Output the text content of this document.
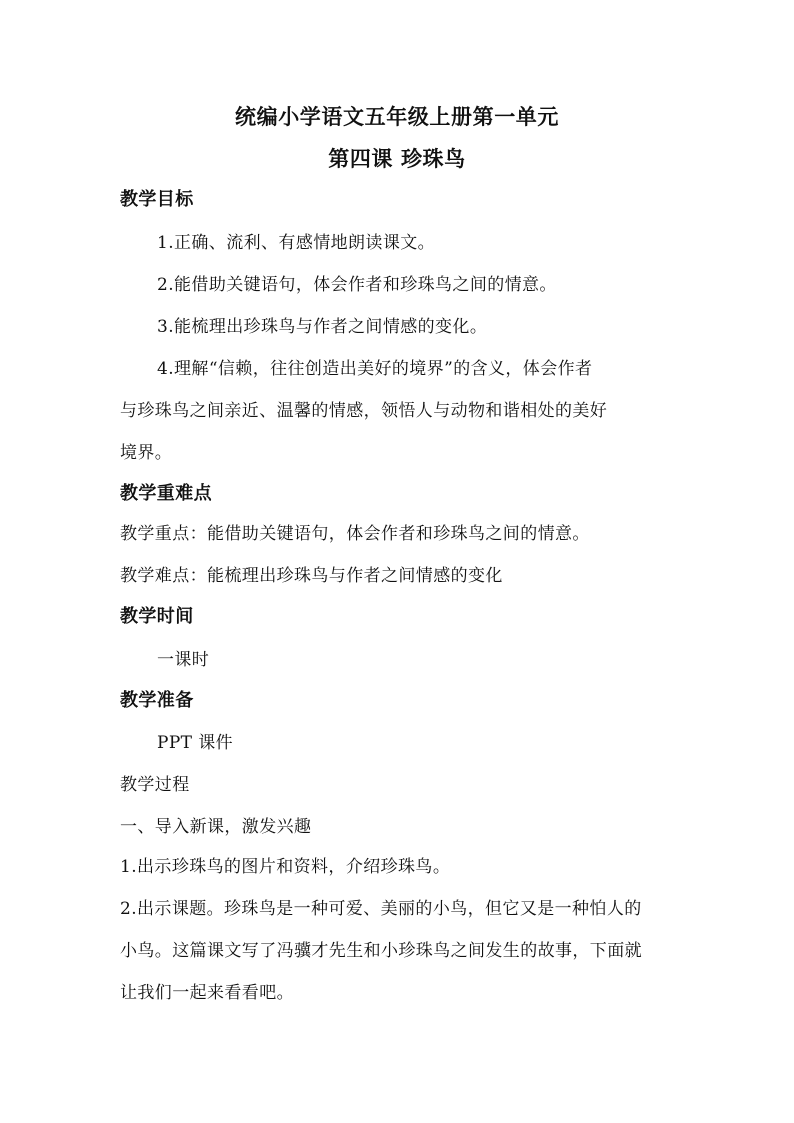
统编小学语文五年级上册第一单元
第四课 珍珠鸟
教学目标
1.正确、流利、有感情地朗读课文。
2.能借助关键语句，体会作者和珍珠鸟之间的情意。
3.能梳理出珍珠鸟与作者之间情感的变化。
4.理解“信赖，往往创造出美好的境界”的含义，体会作者
与珍珠鸟之间亲近、温馨的情感，领悟人与动物和谐相处的美好
境界。
教学重难点
教学重点：能借助关键语句，体会作者和珍珠鸟之间的情意。
教学难点：能梳理出珍珠鸟与作者之间情感的变化
教学时间
一课时
教学准备
PPT 课件
教学过程
一、导入新课，激发兴趣
1.出示珍珠鸟的图片和资料，介绍珍珠鸟。
2.出示课题。珍珠鸟是一种可爱、美丽的小鸟，但它又是一种怕人的
小鸟。这篇课文写了冯骥才先生和小珍珠鸟之间发生的故事，下面就
让我们一起来看看吧。
